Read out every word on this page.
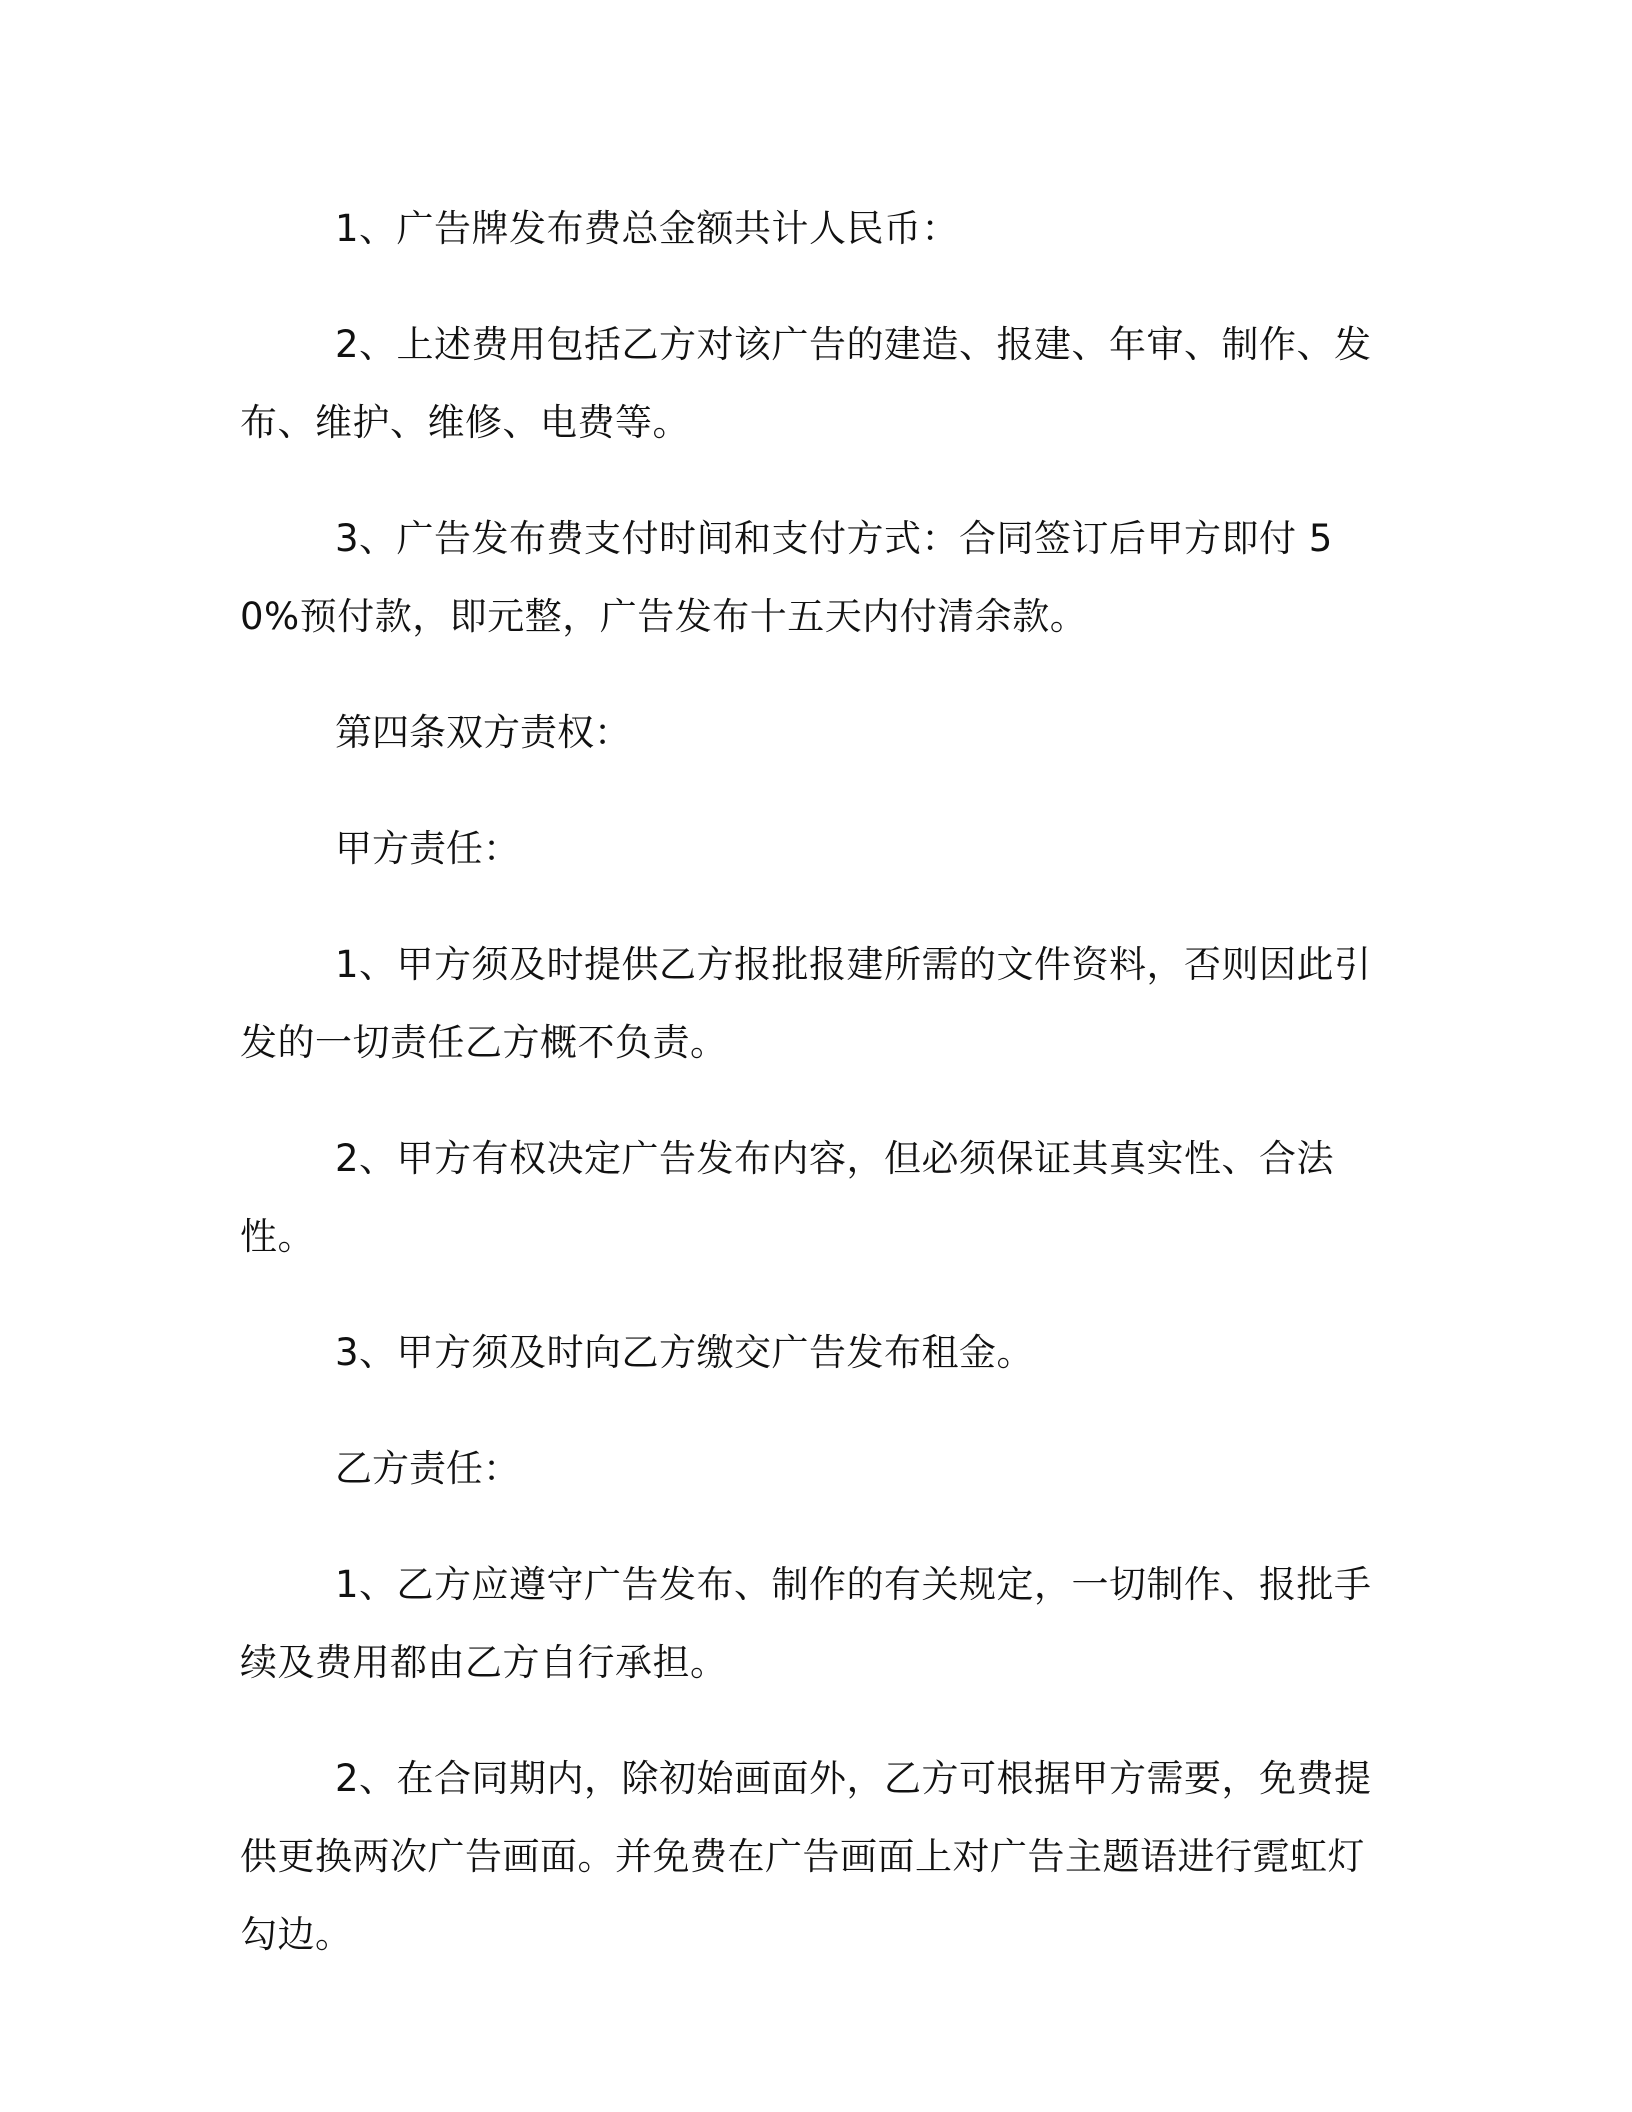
1、广告牌发布费总金额共计人民币：

2、上述费用包括乙方对该广告的建造、报建、年审、制作、发布、维护、维修、电费等。

3、广告发布费支付时间和支付方式：合同签订后甲方即付 50%预付款，即元整，广告发布十五天内付清余款。

第四条双方责权：

甲方责任：

1、甲方须及时提供乙方报批报建所需的文件资料，否则因此引发的一切责任乙方概不负责。

2、甲方有权决定广告发布内容，但必须保证其真实性、合法性。

3、甲方须及时向乙方缴交广告发布租金。

乙方责任：

1、乙方应遵守广告发布、制作的有关规定，一切制作、报批手续及费用都由乙方自行承担。

2、在合同期内，除初始画面外，乙方可根据甲方需要，免费提供更换两次广告画面。并免费在广告画面上对广告主题语进行霓虹灯勾边。
